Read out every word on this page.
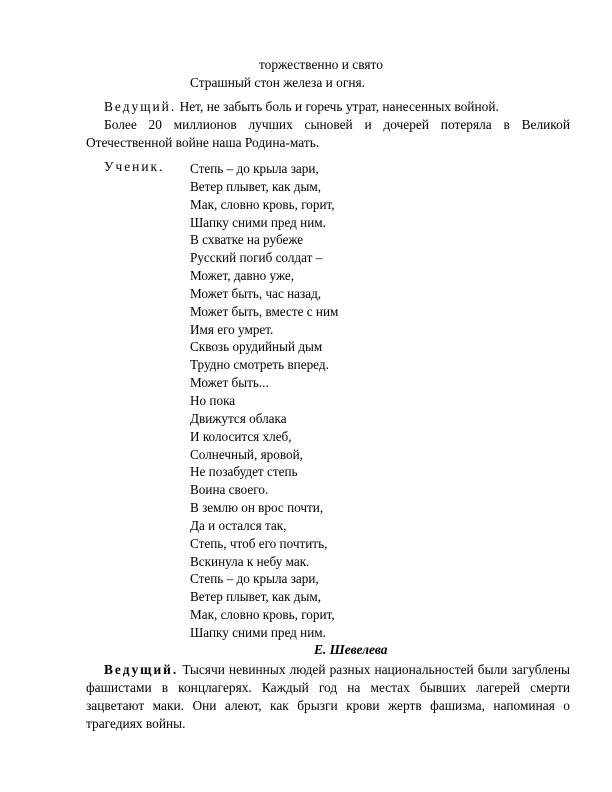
торжественно и свято
Страшный стон железа и огня.
Ведущий. Нет, не забыть боль и горечь утрат, нанесенных войной.
Более 20 миллионов лучших сыновей и дочерей потеряла в Великой Отечественной войне наша Родина-мать.
Ученик. Степь – до крыла зари,
Ветер плывет, как дым,
Мак, словно кровь, горит,
Шапку сними пред ним.
В схватке на рубеже
Русский погиб солдат –
Может, давно уже,
Может быть, час назад,
Может быть, вместе с ним
Имя его умрет.
Сквозь орудийный дым
Трудно смотреть вперед.
Может быть...
Но пока
Движутся облака
И колосится хлеб,
Солнечный, яровой,
Не позабудет степь
Воина своего.
В землю он врос почти,
Да и остался так,
Степь, чтоб его почтить,
Вскинула к небу мак.
Степь – до крыла зари,
Ветер плывет, как дым,
Мак, словно кровь, горит,
Шапку сними пред ним.
Е. Шевелева
Ведущий. Тысячи невинных людей разных национальностей были загублены фашистами в концлагерях. Каждый год на местах бывших лагерей смерти зацветают маки. Они алеют, как брызги крови жертв фашизма, напоминая о трагедиях войны.
